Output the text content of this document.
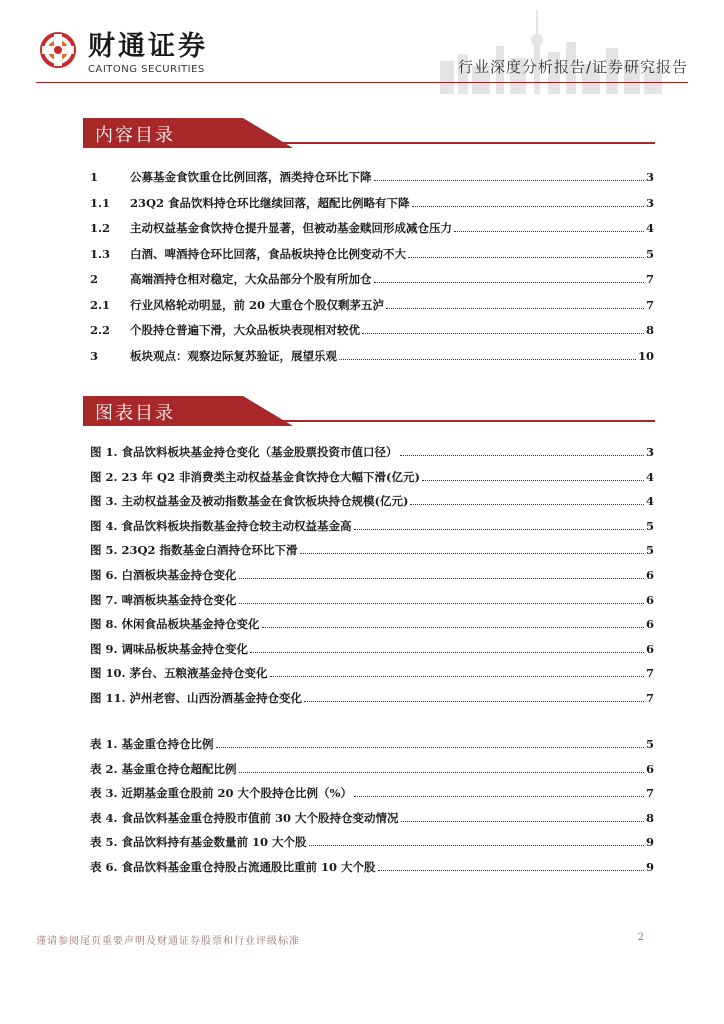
财通证券
CAITONG SECURITIES	行业深度分析报告/证券研究报告
内容目录
1	公募基金食饮重仓比例回落，酒类持仓环比下降	3
1.1	23Q2 食品饮料持仓环比继续回落，超配比例略有下降	3
1.2	主动权益基金食饮持仓提升显著，但被动基金赎回形成减仓压力	4
1.3	白酒、啤酒持仓环比回落，食品板块持仓比例变动不大	5
2	高端酒持仓相对稳定，大众品部分个股有所加仓	7
2.1	行业风格轮动明显，前 20 大重仓个股仅剩茅五泸	7
2.2	个股持仓普遍下滑，大众品板块表现相对较优	8
3	板块观点：观察边际复苏验证，展望乐观	10
图表目录
图 1. 食品饮料板块基金持仓变化（基金股票投资市值口径）	3
图 2. 23 年 Q2 非消费类主动权益基金食饮持仓大幅下滑(亿元)	4
图 3. 主动权益基金及被动指数基金在食饮板块持仓规模(亿元)	4
图 4. 食品饮料板块指数基金持仓较主动权益基金高	5
图 5. 23Q2 指数基金白酒持仓环比下滑	5
图 6. 白酒板块基金持仓变化	6
图 7. 啤酒板块基金持仓变化	6
图 8. 休闲食品板块基金持仓变化	6
图 9. 调味品板块基金持仓变化	6
图 10. 茅台、五粮液基金持仓变化	7
图 11. 泸州老窖、山西汾酒基金持仓变化	7
表 1. 基金重仓持仓比例	5
表 2. 基金重仓持仓超配比例	6
表 3. 近期基金重仓股前 20 大个股持仓比例（%）	7
表 4. 食品饮料基金重仓持股市值前 30 大个股持仓变动情况	8
表 5. 食品饮料持有基金数量前 10 大个股	9
表 6. 食品饮料基金重仓持股占流通股比重前 10 大个股	9
谨请参阅尾页重要声明及财通证券股票和行业评级标准	2
